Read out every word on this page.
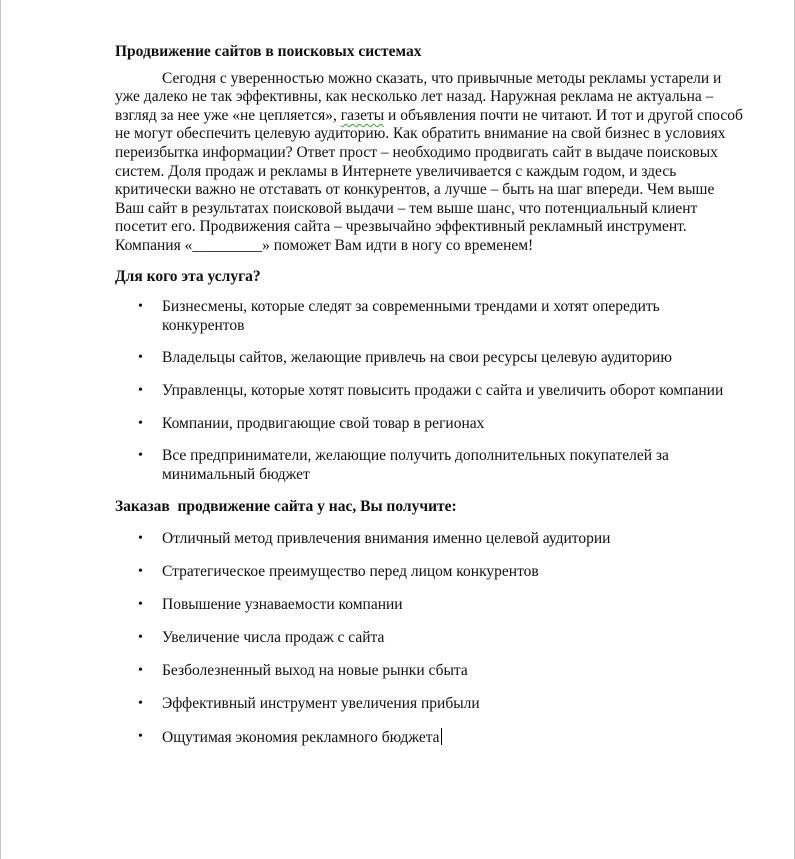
Продвижение сайтов в поисковых системах

Сегодня с уверенностью можно сказать, что привычные методы рекламы устарели и уже далеко не так эффективны, как несколько лет назад. Наружная реклама не актуальна – взгляд за нее уже «не цепляется», газеты и объявления почти не читают. И тот и другой способ не могут обеспечить целевую аудиторию. Как обратить внимание на свой бизнес в условиях переизбытка информации? Ответ прост – необходимо продвигать сайт в выдаче поисковых систем. Доля продаж и рекламы в Интернете увеличивается с каждым годом, и здесь критически важно не отставать от конкурентов, а лучше – быть на шаг впереди. Чем выше Ваш сайт в результатах поисковой выдачи – тем выше шанс, что потенциальный клиент посетит его. Продвижения сайта – чрезвычайно эффективный рекламный инструмент. Компания «_________» поможет Вам идти в ногу со временем!

Для кого эта услуга?

• Бизнесмены, которые следят за современными трендами и хотят опередить конкурентов
• Владельцы сайтов, желающие привлечь на свои ресурсы целевую аудиторию
• Управленцы, которые хотят повысить продажи с сайта и увеличить оборот компании
• Компании, продвигающие свой товар в регионах
• Все предприниматели, желающие получить дополнительных покупателей за минимальный бюджет

Заказав  продвижение сайта у нас, Вы получите:

• Отличный метод привлечения внимания именно целевой аудитории
• Стратегическое преимущество перед лицом конкурентов
• Повышение узнаваемости компании
• Увеличение числа продаж с сайта
• Безболезненный выход на новые рынки сбыта
• Эффективный инструмент увеличения прибыли
• Ощутимая экономия рекламного бюджета
